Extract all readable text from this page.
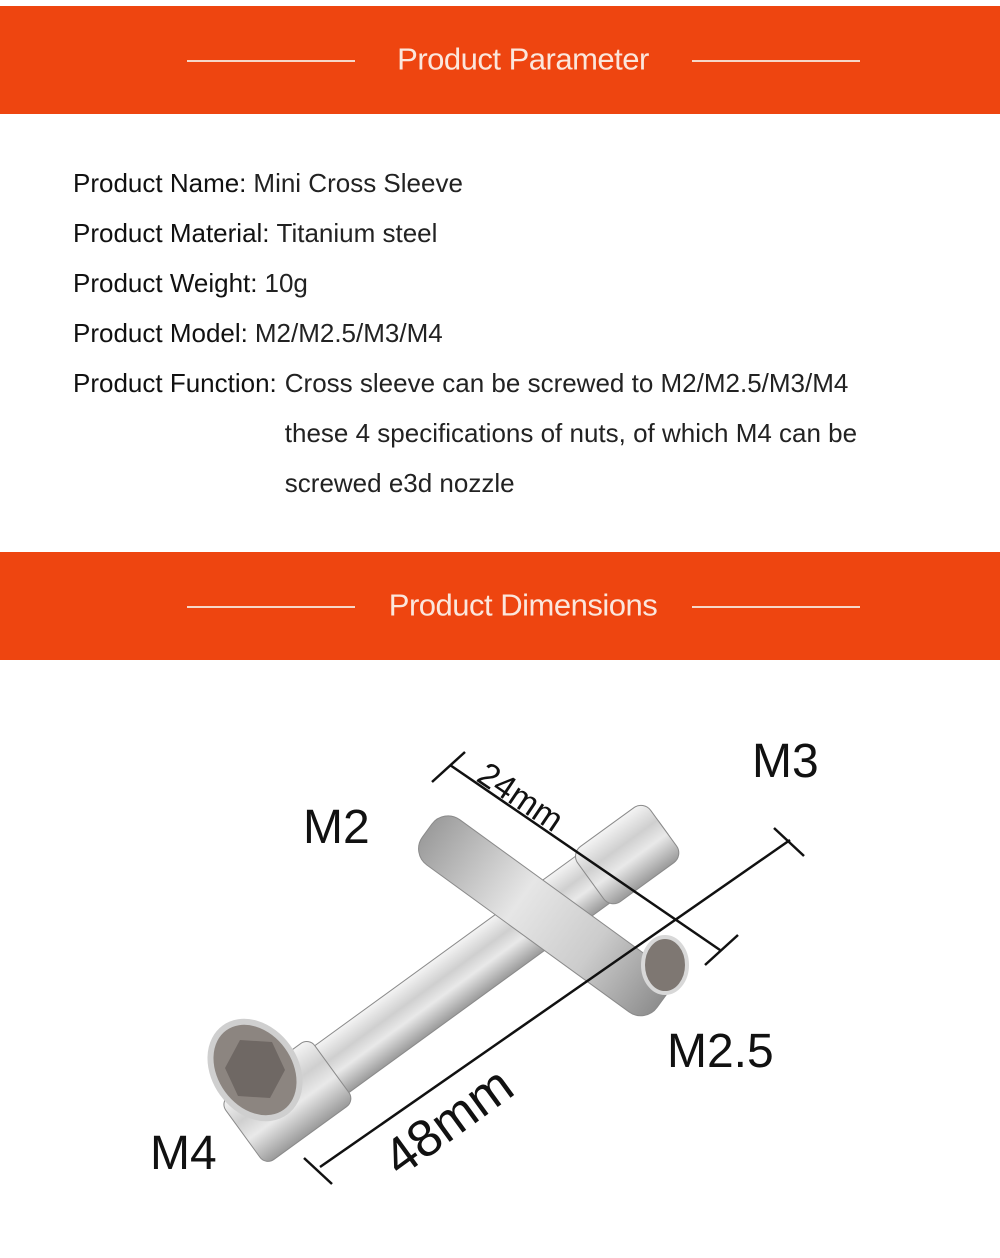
Product Parameter
Product Name: Mini Cross Sleeve
Product Material: Titanium steel
Product Weight: 10g
Product Model: M2/M2.5/M3/M4
Product Function: Cross sleeve can be screwed to M2/M2.5/M3/M4
these 4 specifications of nuts, of which M4 can be
screwed e3d nozzle
Product Dimensions
24mm
48mm
M2
M3
M2.5
M4
